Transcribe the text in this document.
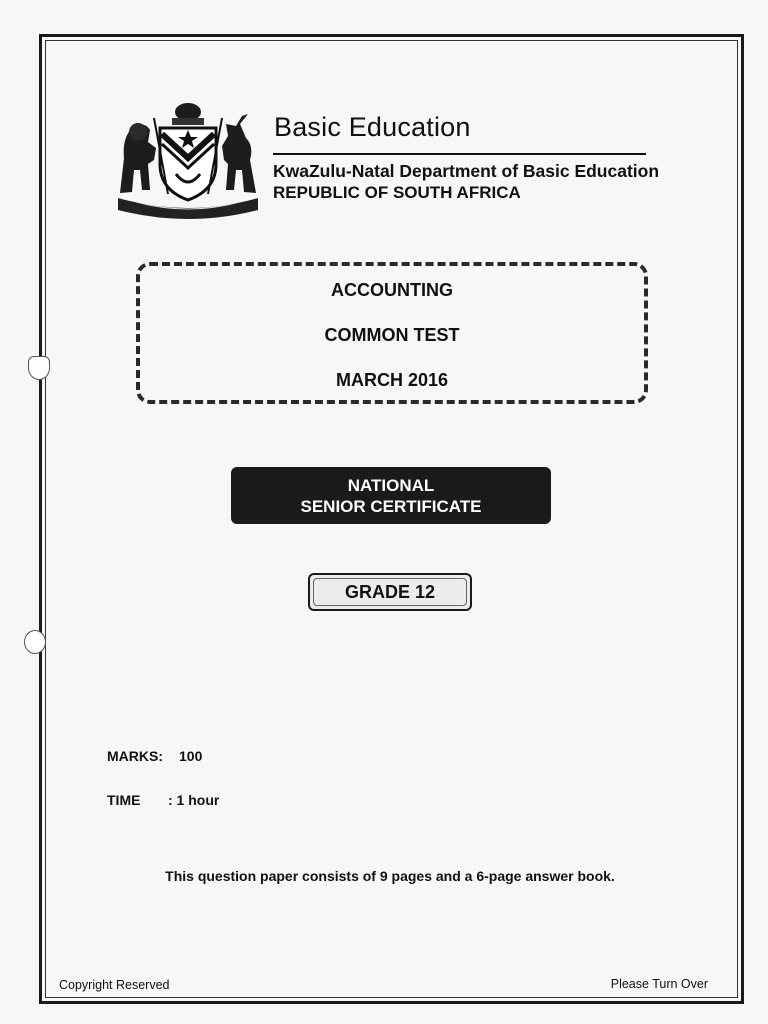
Basic Education
KwaZulu-Natal Department of Basic Education
REPUBLIC OF SOUTH AFRICA
ACCOUNTING
COMMON TEST
MARCH 2016
NATIONAL
SENIOR CERTIFICATE
GRADE 12
MARKS: 100
TIME : 1 hour
This question paper consists of 9 pages and a 6-page answer book.
Copyright Reserved	Please Turn Over
